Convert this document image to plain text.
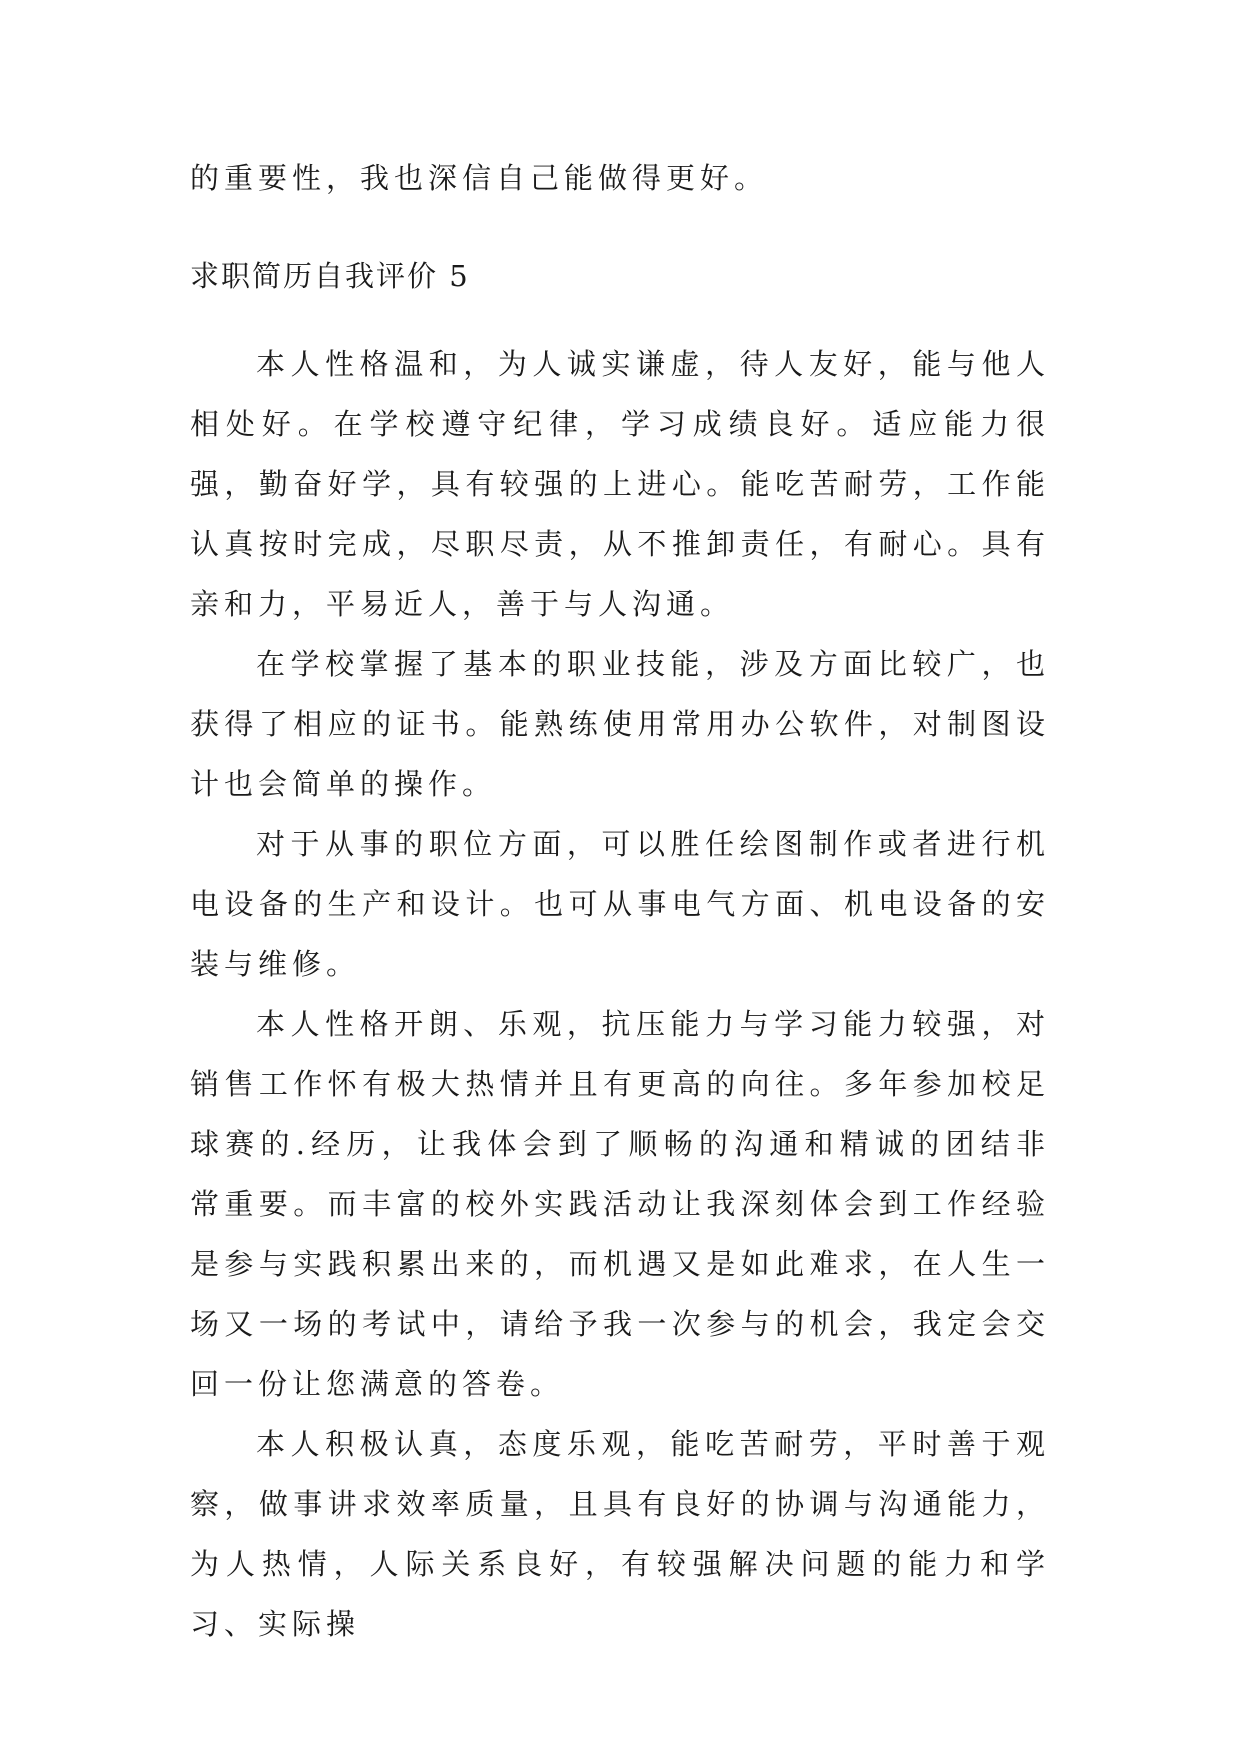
的重要性，我也深信自己能做得更好。
求职简历自我评价 5

本人性格温和，为人诚实谦虚，待人友好，能与他人相处好。在学校遵守纪律，学习成绩良好。适应能力很强，勤奋好学，具有较强的上进心。能吃苦耐劳，工作能认真按时完成，尽职尽责，从不推卸责任，有耐心。具有亲和力，平易近人，善于与人沟通。

在学校掌握了基本的职业技能，涉及方面比较广，也获得了相应的证书。能熟练使用常用办公软件，对制图设计也会简单的操作。

对于从事的职位方面，可以胜任绘图制作或者进行机电设备的生产和设计。也可从事电气方面、机电设备的安装与维修。

本人性格开朗、乐观，抗压能力与学习能力较强，对销售工作怀有极大热情并且有更高的向往。多年参加校足球赛的.经历，让我体会到了顺畅的沟通和精诚的团结非常重要。而丰富的校外实践活动让我深刻体会到工作经验是参与实践积累出来的，而机遇又是如此难求，在人生一场又一场的考试中，请给予我一次参与的机会，我定会交回一份让您满意的答卷。

本人积极认真，态度乐观，能吃苦耐劳，平时善于观察，做事讲求效率质量，且具有良好的协调与沟通能力，为人热情，人际关系良好，有较强解决问题的能力和学习、实际操
